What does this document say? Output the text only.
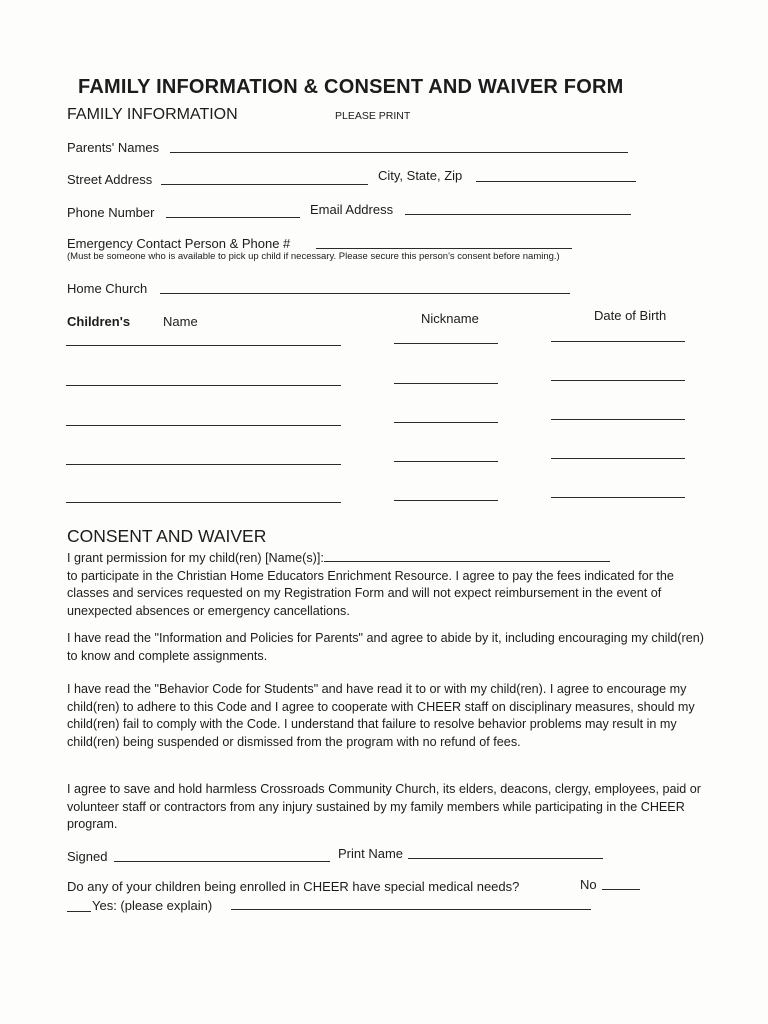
FAMILY INFORMATION & CONSENT AND WAIVER FORM
FAMILY INFORMATION	PLEASE PRINT
Parents' Names
Street Address	City, State, Zip
Phone Number	Email Address
Emergency Contact Person & Phone #
(Must be someone who is available to pick up child if necessary. Please secure this person's consent before naming.)
Home Church
Children's	Name	Nickname	Date of Birth
CONSENT AND WAIVER
I grant permission for my child(ren) [Name(s)]:
to participate in the Christian Home Educators Enrichment Resource. I agree to pay the fees indicated for the classes and services requested on my Registration Form and will not expect reimbursement in the event of unexpected absences or emergency cancellations.
I have read the "Information and Policies for Parents" and agree to abide by it, including encouraging my child(ren) to know and complete assignments.
I have read the "Behavior Code for Students" and have read it to or with my child(ren). I agree to encourage my child(ren) to adhere to this Code and I agree to cooperate with CHEER staff on disciplinary measures, should my child(ren) fail to comply with the Code. I understand that failure to resolve behavior problems may result in my child(ren) being suspended or dismissed from the program with no refund of fees.
I agree to save and hold harmless Crossroads Community Church, its elders, deacons, clergy, employees, paid or volunteer staff or contractors from any injury sustained by my family members while participating in the CHEER program.
Signed	Print Name
Do any of your children being enrolled in CHEER have special medical needs?	No
Yes: (please explain)
